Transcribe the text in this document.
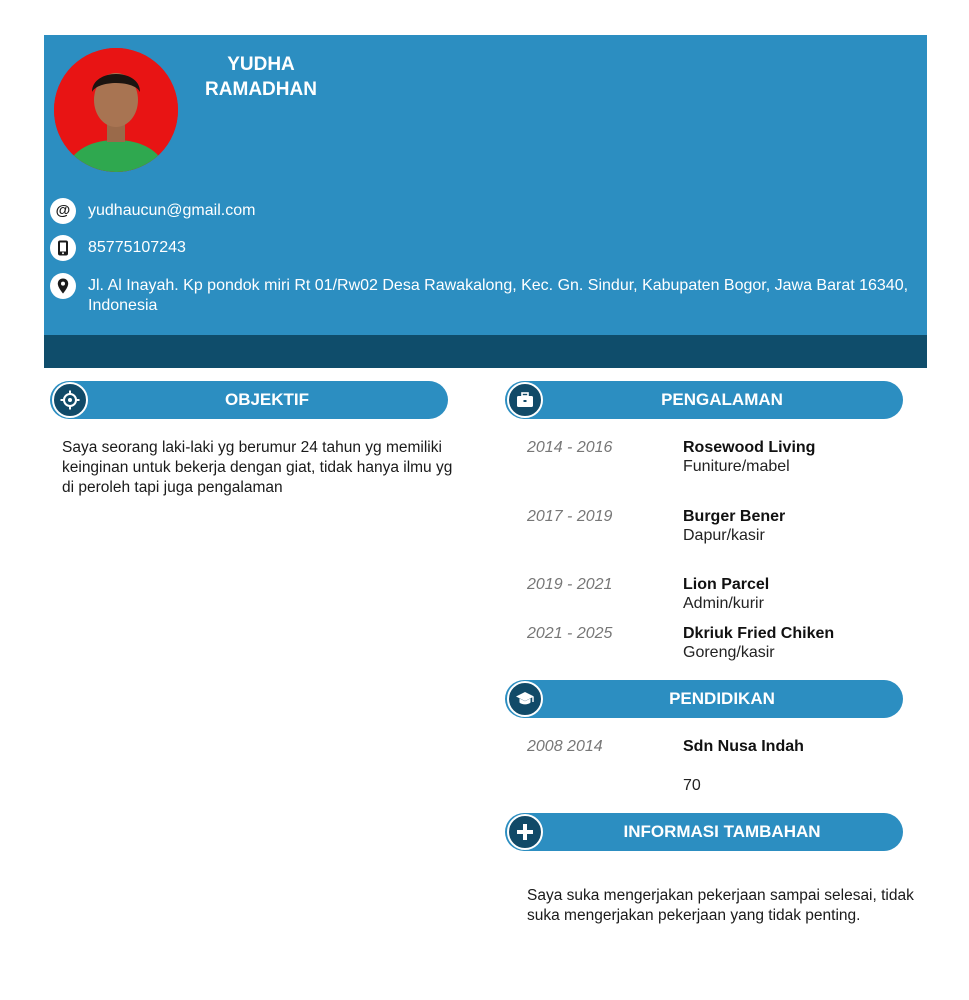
YUDHA
RAMADHAN
@	yudhaucun@gmail.com
85775107243
Jl. Al Inayah. Kp pondok miri Rt 01/Rw02 Desa Rawakalong, Kec. Gn. Sindur, Kabupaten Bogor, Jawa Barat 16340, Indonesia
OBJEKTIF
Saya seorang laki-laki yg berumur 24 tahun yg memiliki keinginan untuk bekerja dengan giat, tidak hanya ilmu yg di peroleh tapi juga pengalaman
PENGALAMAN
2014 - 2016	Rosewood Living
Funiture/mabel
2017 - 2019	Burger Bener
Dapur/kasir
2019 - 2021	Lion Parcel
Admin/kurir
2021 - 2025	Dkriuk Fried Chiken
Goreng/kasir
PENDIDIKAN
2008 2014	Sdn Nusa Indah
70
INFORMASI TAMBAHAN
Saya suka mengerjakan pekerjaan sampai selesai, tidak suka mengerjakan pekerjaan yang tidak penting.
